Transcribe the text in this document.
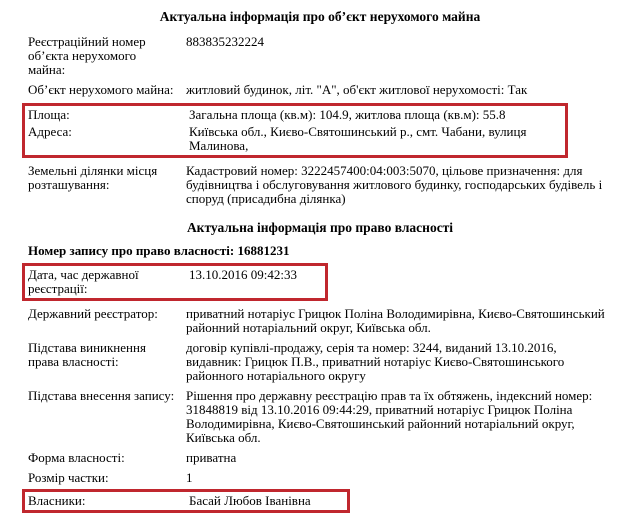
Актуальна інформація про об’єкт нерухомого майна
Реєстраційний номер об’єкта нерухомого майна:
883835232224
Об’єкт нерухомого майна: житловий будинок, літ. "А", об'єкт житлової нерухомості: Так
Площа:	Загальна площа (кв.м): 104.9, житлова площа (кв.м): 55.8
Адреса:	Київська обл., Києво-Святошинський р., смт. Чабани, вулиця Малинова,
Земельні ділянки місця розташування:
Кадастровий номер: 3222457400:04:003:5070, цільове призначення: для будівництва і обслуговування житлового будинку, господарських будівель і споруд (присадибна ділянка)
Актуальна інформація про право власності
Номер запису про право власності: 16881231
Дата, час державної реєстрації:
13.10.2016 09:42:33
Державний реєстратор:	приватний нотаріус Грицюк Поліна Володимирівна, Києво-Святошинський районний нотаріальний округ, Київська обл.
Підстава виникнення права власності:
договір купівлі-продажу, серія та номер: 3244, виданий 13.10.2016, видавник: Грицюк П.В., приватний нотаріус Києво-Святошинського районного нотаріального округу
Підстава внесення запису: Рішення про державну реєстрацію прав та їх обтяжень, індексний номер: 31848819 від 13.10.2016 09:44:29, приватний нотаріус Грицюк Поліна Володимирівна, Києво-Святошинський районний нотаріальний округ, Київська обл.
Форма власності:	приватна
Розмір частки:	1
Власники:	Басай Любов Іванівна
